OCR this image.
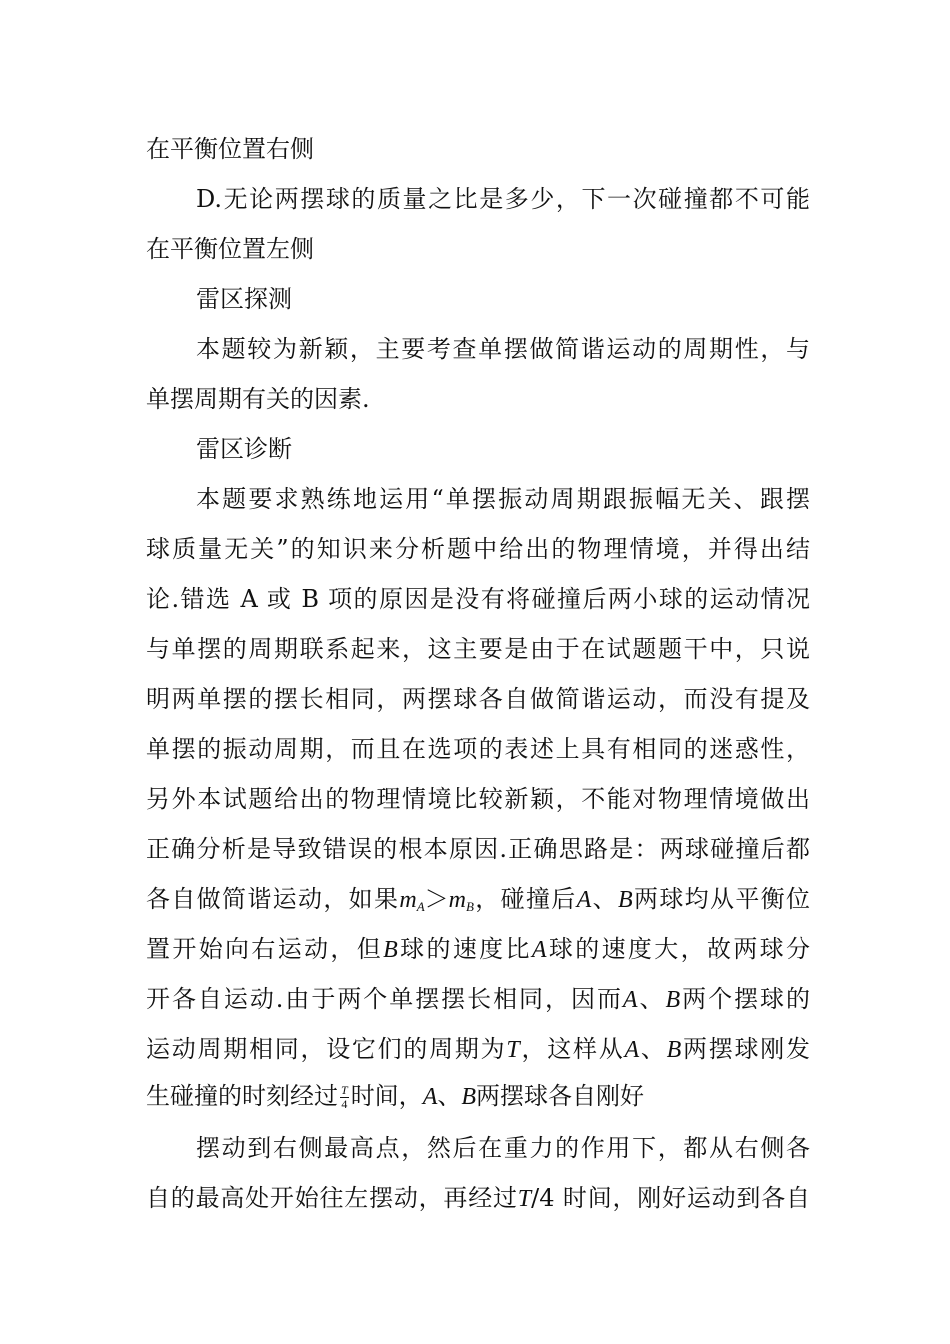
在平衡位置右侧
D.无论两摆球的质量之比是多少，下一次碰撞都不可能
在平衡位置左侧
雷区探测
本题较为新颖，主要考查单摆做简谐运动的周期性，与
单摆周期有关的因素.
雷区诊断
本题要求熟练地运用“单摆振动周期跟振幅无关、跟摆
球质量无关”的知识来分析题中给出的物理情境，并得出结
论.错选 A 或 B 项的原因是没有将碰撞后两小球的运动情况
与单摆的周期联系起来，这主要是由于在试题题干中，只说
明两单摆的摆长相同，两摆球各自做简谐运动，而没有提及
单摆的振动周期，而且在选项的表述上具有相同的迷惑性，
另外本试题给出的物理情境比较新颖，不能对物理情境做出
正确分析是导致错误的根本原因.正确思路是：两球碰撞后都
各自做简谐运动，如果$m_A>m_B$，碰撞后A、B两球均从平衡位
置开始向右运动，但B球的速度比A球的速度大，故两球分
开各自运动.由于两个单摆摆长相同，因而A、B两个摆球的
运动周期相同，设它们的周期为T，这样从A、B两摆球刚发
生碰撞的时刻经过 $\frac{T}{4}$ 时间，A、B两摆球各自刚好
摆动到右侧最高点，然后在重力的作用下，都从右侧各
自的最高处开始往左摆动，再经过T/4 时间，刚好运动到各自
